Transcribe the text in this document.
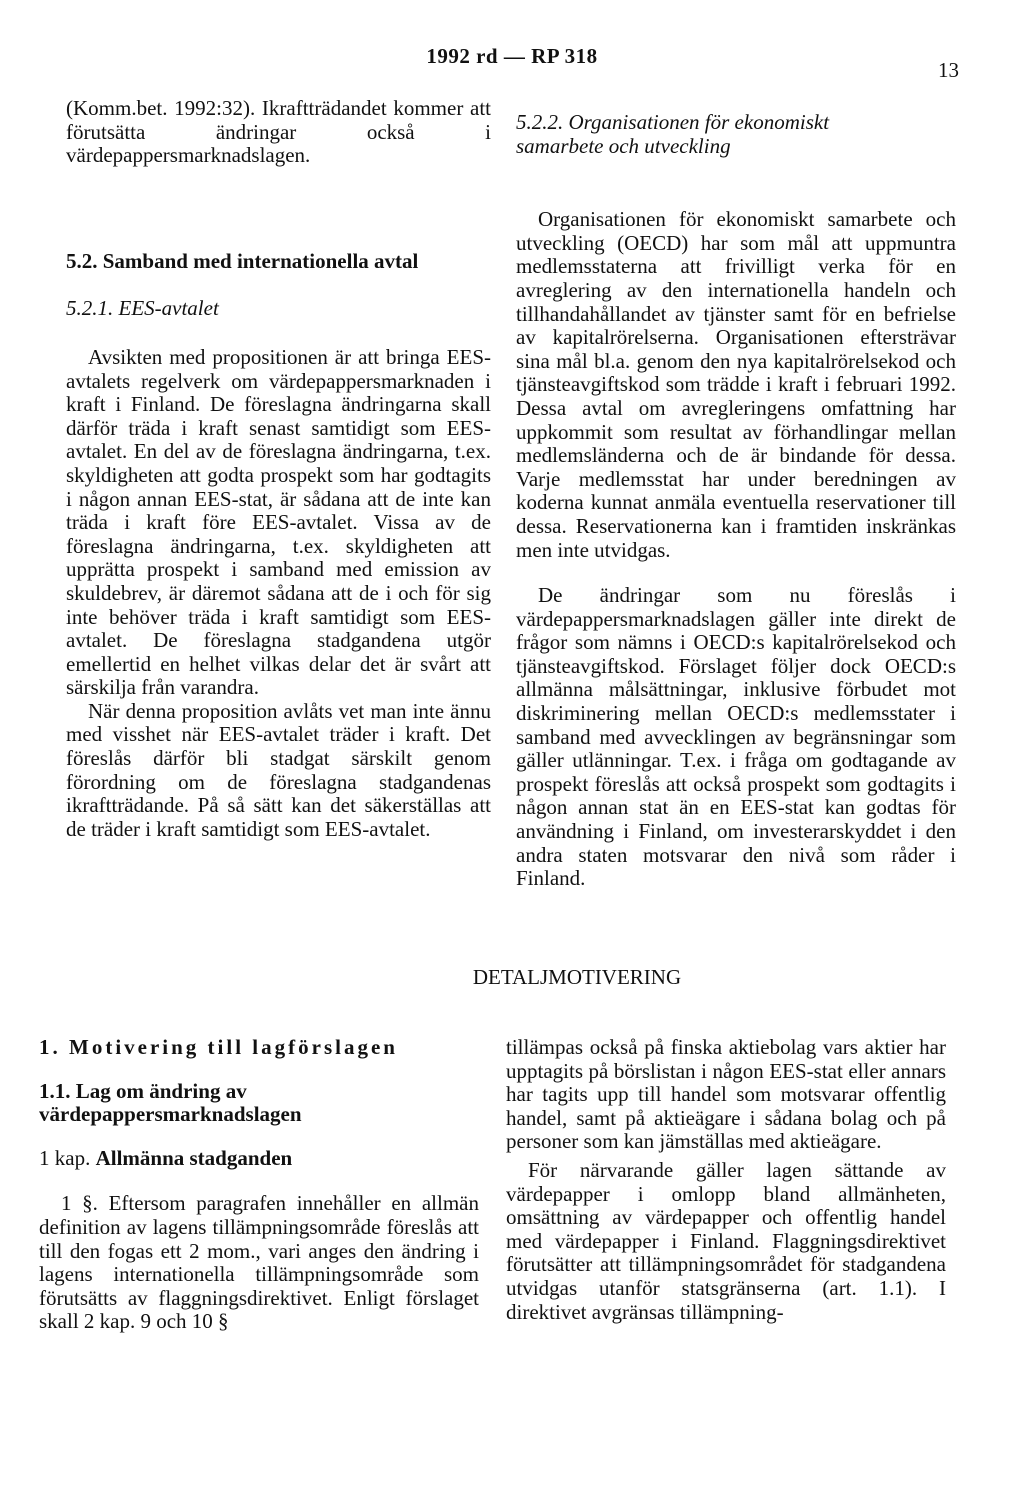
1992 rd — RP 318
13

(Komm.bet. 1992:32). Ikraftträdandet kommer att förutsätta ändringar också i värdepappersmarknadslagen.

5.2. Samband med internationella avtal

5.2.1. EES-avtalet

Avsikten med propositionen är att bringa EES-avtalets regelverk om värdepappersmarknaden i kraft i Finland. De föreslagna ändringarna skall därför träda i kraft senast samtidigt som EES-avtalet. En del av de föreslagna ändringarna, t.ex. skyldigheten att godta prospekt som har godtagits i någon annan EES-stat, är sådana att de inte kan träda i kraft före EES-avtalet. Vissa av de föreslagna ändringarna, t.ex. skyldigheten att upprätta prospekt i samband med emission av skuldebrev, är däremot sådana att de i och för sig inte behöver träda i kraft samtidigt som EES-avtalet. De föreslagna stadgandena utgör emellertid en helhet vilkas delar det är svårt att särskilja från varandra.

När denna proposition avlåts vet man inte ännu med visshet när EES-avtalet träder i kraft. Det föreslås därför bli stadgat särskilt genom förordning om de föreslagna stadgandenas ikraftträdande. På så sätt kan det säkerställas att de träder i kraft samtidigt som EES-avtalet.

5.2.2. Organisationen för ekonomiskt samarbete och utveckling

Organisationen för ekonomiskt samarbete och utveckling (OECD) har som mål att uppmuntra medlemsstaterna att frivilligt verka för en avreglering av den internationella handeln och tillhandahållandet av tjänster samt för en befrielse av kapitalrörelserna. Organisationen eftersträvar sina mål bl.a. genom den nya kapitalrörelsekod och tjänsteavgiftskod som trädde i kraft i februari 1992. Dessa avtal om avregleringens omfattning har uppkommit som resultat av förhandlingar mellan medlemsländerna och de är bindande för dessa. Varje medlemsstat har under beredningen av koderna kunnat anmäla eventuella reservationer till dessa. Reservationerna kan i framtiden inskränkas men inte utvidgas.

De ändringar som nu föreslås i värdepappersmarknadslagen gäller inte direkt de frågor som nämns i OECD:s kapitalrörelsekod och tjänsteavgiftskod. Förslaget följer dock OECD:s allmänna målsättningar, inklusive förbudet mot diskriminering mellan OECD:s medlemsstater i samband med avvecklingen av begränsningar som gäller utlänningar. T.ex. i fråga om godtagande av prospekt föreslås att också prospekt som godtagits i någon annan stat än en EES-stat kan godtas för användning i Finland, om investerarskyddet i den andra staten motsvarar den nivå som råder i Finland.

DETALJMOTIVERING

1. Motivering till lagförslagen

1.1. Lag om ändring av värdepappersmarknadslagen

1 kap. Allmänna stadganden

1 §. Eftersom paragrafen innehåller en allmän definition av lagens tillämpningsområde föreslås att till den fogas ett 2 mom., vari anges den ändring i lagens internationella tillämpningsområde som förutsätts av flaggningsdirektivet. Enligt förslaget skall 2 kap. 9 och 10 §

tillämpas också på finska aktiebolag vars aktier har upptagits på börslistan i någon EES-stat eller annars har tagits upp till handel som motsvarar offentlig handel, samt på aktieägare i sådana bolag och på personer som kan jämställas med aktieägare.

För närvarande gäller lagen sättande av värdepapper i omlopp bland allmänheten, omsättning av värdepapper och offentlig handel med värdepapper i Finland. Flaggningsdirektivet förutsätter att tillämpningsområdet för stadgandena utvidgas utanför statsgränserna (art. 1.1). I direktivet avgränsas tillämpning-
